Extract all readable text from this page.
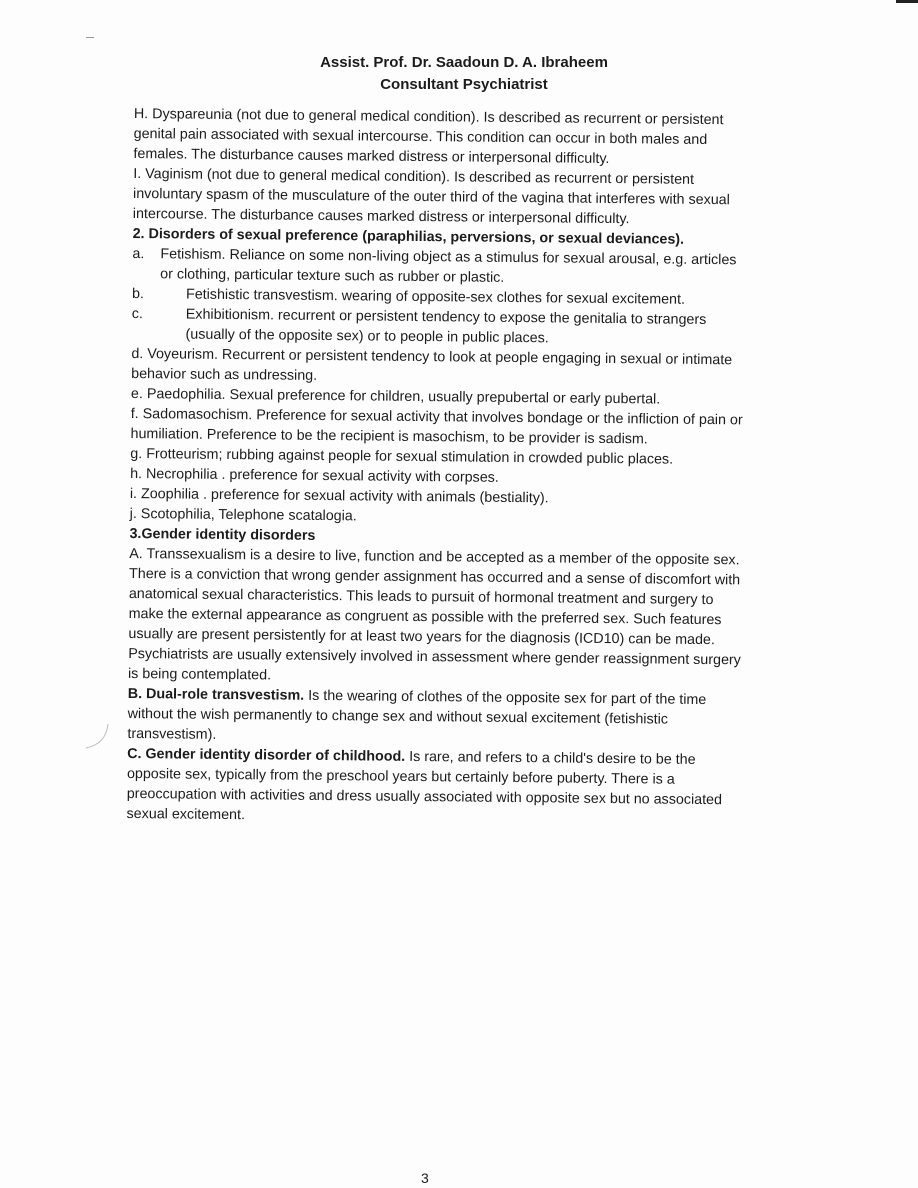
Assist. Prof. Dr. Saadoun D. A. Ibraheem
Consultant Psychiatrist

H. Dyspareunia (not due to general medical condition). Is described as recurrent or persistent genital pain associated with sexual intercourse. This condition can occur in both males and females. The disturbance causes marked distress or interpersonal difficulty.

I. Vaginism (not due to general medical condition). Is described as recurrent or persistent involuntary spasm of the musculature of the outer third of the vagina that interferes with sexual intercourse. The disturbance causes marked distress or interpersonal difficulty.

2. Disorders of sexual preference (paraphilias, perversions, or sexual deviances).

a. Fetishism. Reliance on some non-living object as a stimulus for sexual arousal, e.g. articles or clothing, particular texture such as rubber or plastic.
b.	Fetishistic transvestism. wearing of opposite-sex clothes for sexual excitement.
c.	Exhibitionism. recurrent or persistent tendency to expose the genitalia to strangers (usually of the opposite sex) or to people in public places.

d. Voyeurism. Recurrent or persistent tendency to look at people engaging in sexual or intimate behavior such as undressing.

e. Paedophilia. Sexual preference for children, usually prepubertal or early pubertal.

f. Sadomasochism. Preference for sexual activity that involves bondage or the infliction of pain or humiliation. Preference to be the recipient is masochism, to be provider is sadism.

g. Frotteurism; rubbing against people for sexual stimulation in crowded public places.

h. Necrophilia . preference for sexual activity with corpses.

i. Zoophilia . preference for sexual activity with animals (bestiality).

j. Scotophilia, Telephone scatalogia.

3.Gender identity disorders

A. Transsexualism is a desire to live, function and be accepted as a member of the opposite sex. There is a conviction that wrong gender assignment has occurred and a sense of discomfort with anatomical sexual characteristics. This leads to pursuit of hormonal treatment and surgery to make the external appearance as congruent as possible with the preferred sex. Such features usually are present persistently for at least two years for the diagnosis (ICD10) can be made. Psychiatrists are usually extensively involved in assessment where gender reassignment surgery is being contemplated.

B. Dual-role transvestism. Is the wearing of clothes of the opposite sex for part of the time without the wish permanently to change sex and without sexual excitement (fetishistic transvestism).

C. Gender identity disorder of childhood. Is rare, and refers to a child's desire to be the opposite sex, typically from the preschool years but certainly before puberty. There is a preoccupation with activities and dress usually associated with opposite sex but no associated sexual excitement.

3
